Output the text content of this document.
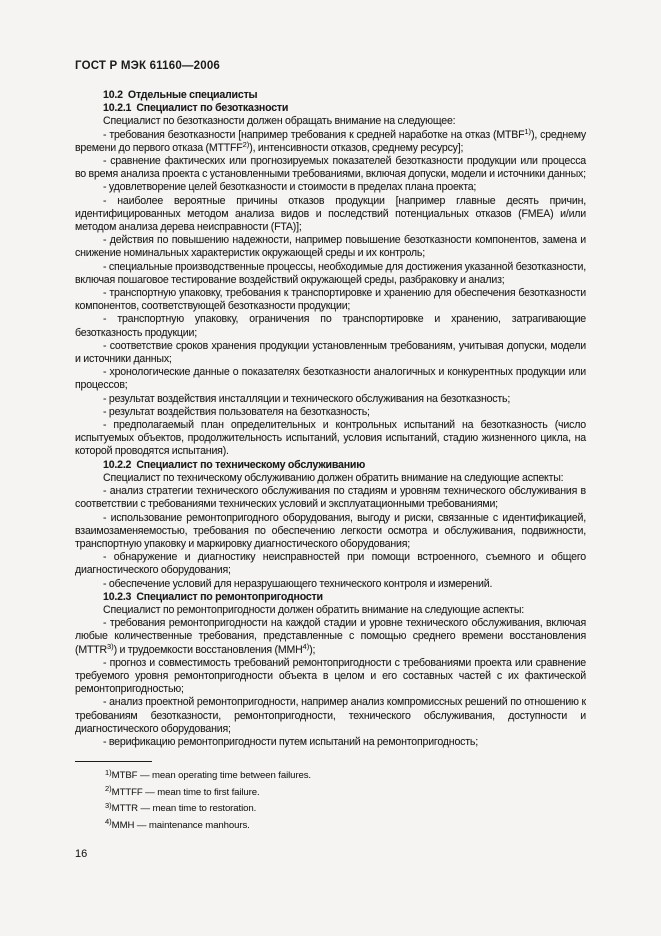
ГОСТ Р МЭК 61160—2006

10.2  Отдельные специалисты

10.2.1  Специалист по безотказности

Специалист по безотказности должен обращать внимание на следующее:

- требования безотказности [например требования к средней наработке на отказ (MTBF$^{1)}$), среднему времени до первого отказа (MTTFF$^{2)}$), интенсивности отказов, среднему ресурсу];

- сравнение фактических или прогнозируемых показателей безотказности продукции или процесса во время анализа проекта с установленными требованиями, включая допуски, модели и источники данных;

- удовлетворение целей безотказности и стоимости в пределах плана проекта;

- наиболее вероятные причины отказов продукции [например главные десять причин, идентифицированных методом анализа видов и последствий потенциальных отказов (FMEA) и/или методом анализа дерева неисправности (FTA)];

- действия по повышению надежности, например повышение безотказности компонентов, замена и снижение номинальных характеристик окружающей среды и их контроль;

- специальные производственные процессы, необходимые для достижения указанной безотказности, включая пошаговое тестирование воздействий окружающей среды, разбраковку и анализ;

- транспортную упаковку, требования к транспортировке и хранению для обеспечения безотказности компонентов, соответствующей безотказности продукции;

- транспортную упаковку, ограничения по транспортировке и хранению, затрагивающие безотказность продукции;

- соответствие сроков хранения продукции установленным требованиям, учитывая допуски, модели и источники данных;

- хронологические данные о показателях безотказности аналогичных и конкурентных продукции или процессов;

- результат воздействия инсталляции и технического обслуживания на безотказность;

- результат воздействия пользователя на безотказность;

- предполагаемый план определительных и контрольных испытаний на безотказность (число испытуемых объектов, продолжительность испытаний, условия испытаний, стадию жизненного цикла, на которой проводятся испытания).

10.2.2  Специалист по техническому обслуживанию

Специалист по техническому обслуживанию должен обратить внимание на следующие аспекты:

- анализ стратегии технического обслуживания по стадиям и уровням технического обслуживания в соответствии с требованиями технических условий и эксплуатационными требованиями;

- использование ремонтопригодного оборудования, выгоду и риски, связанные с идентификацией, взаимозаменяемостью, требования по обеспечению легкости осмотра и обслуживания, подвижности, транспортную упаковку и маркировку диагностического оборудования;

- обнаружение и диагностику неисправностей при помощи встроенного, съемного и общего диагностического оборудования;

- обеспечение условий для неразрушающего технического контроля и измерений.

10.2.3  Специалист по ремонтопригодности

Специалист по ремонтопригодности должен обратить внимание на следующие аспекты:

- требования ремонтопригодности на каждой стадии и уровне технического обслуживания, включая любые количественные требования, представленные с помощью среднего времени восстановления (MTTR$^{3)}$) и трудоемкости восстановления (MMH$^{4)}$);

- прогноз и совместимость требований ремонтопригодности с требованиями проекта или сравнение требуемого уровня ремонтопригодности объекта в целом и его составных частей с их фактической ремонтопригодностью;

- анализ проектной ремонтопригодности, например анализ компромиссных решений по отношению к требованиям безотказности, ремонтопригодности, технического обслуживания, доступности и диагностического оборудования;

- верификацию ремонтопригодности путем испытаний на ремонтопригодность;

$^{1)}$MTBF — mean operating time between failures.

$^{2)}$MTTFF — mean time to first failure.

$^{3)}$MTTR — mean time to restoration.

$^{4)}$MMH — maintenance manhours.

16
